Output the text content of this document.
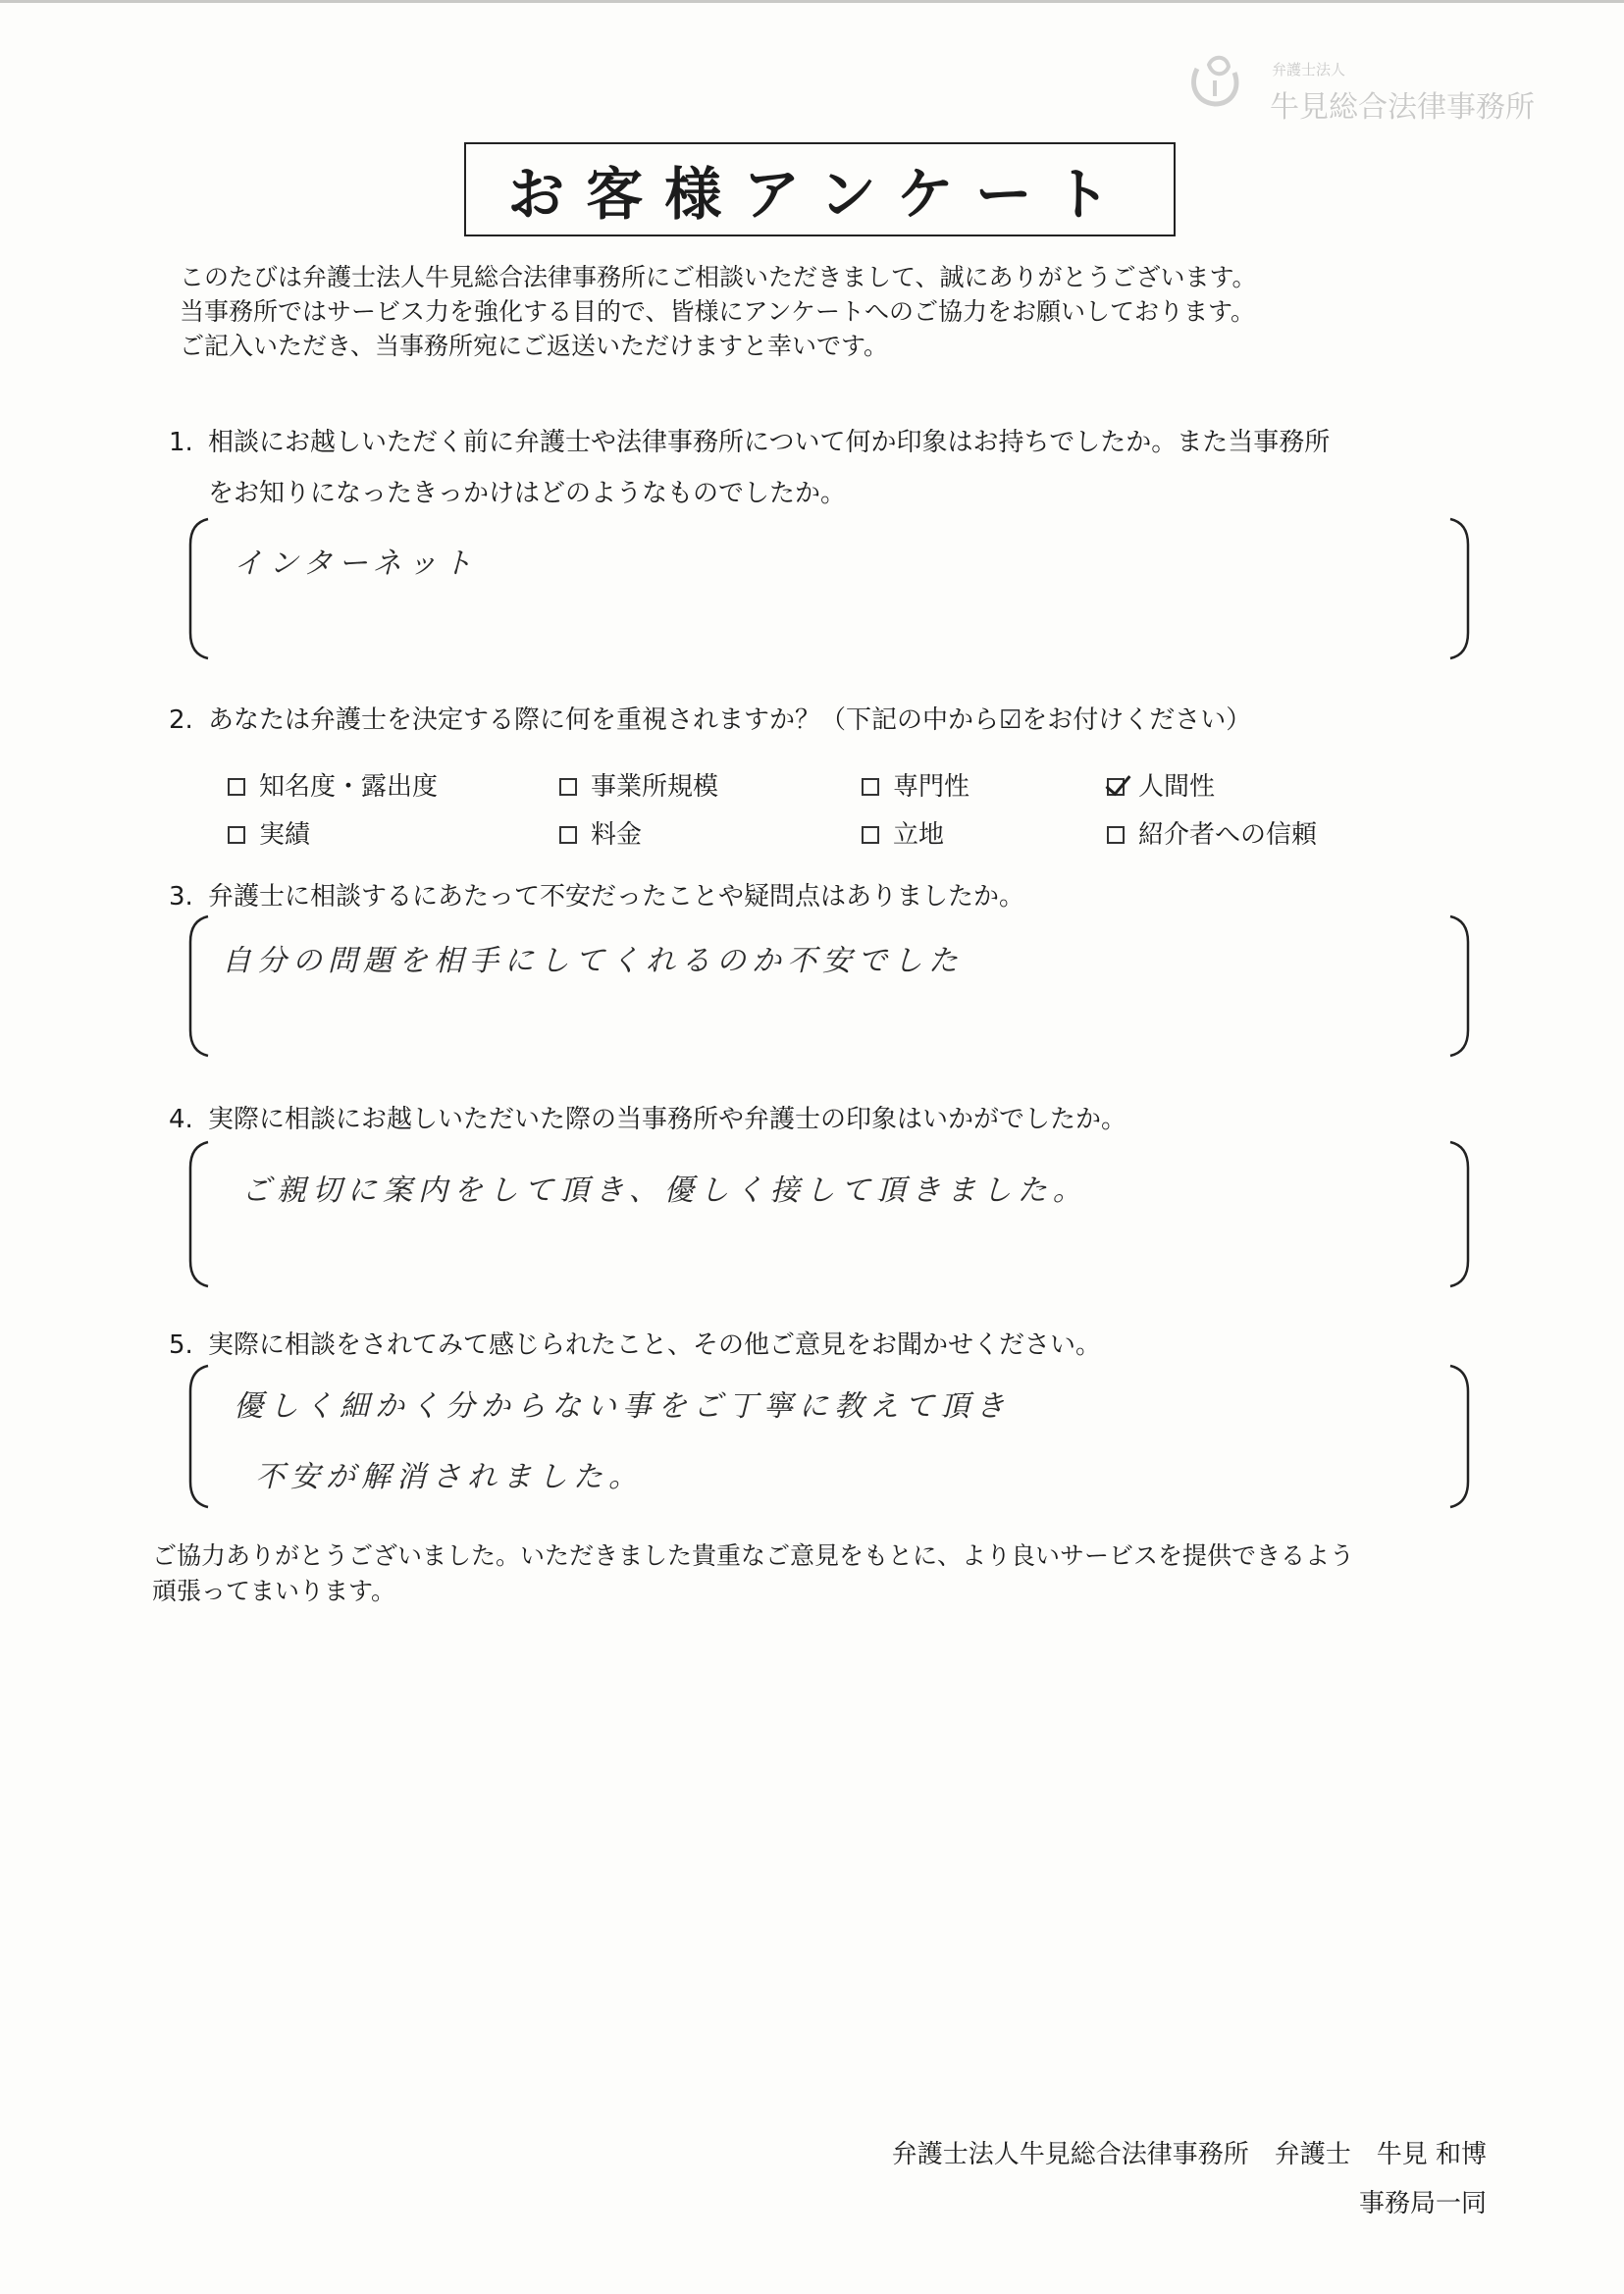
弁護士法人
牛見総合法律事務所
お客様アンケート
このたびは弁護士法人牛見総合法律事務所にご相談いただきまして、誠にありがとうございます。
当事務所ではサービス力を強化する目的で、皆様にアンケートへのご協力をお願いしております。
ご記入いただき、当事務所宛にご返送いただけますと幸いです。
1. 相談にお越しいただく前に弁護士や法律事務所について何か印象はお持ちでしたか。また当事務所
をお知りになったきっかけはどのようなものでしたか。
インターネット
2. あなたは弁護士を決定する際に何を重視されますか？（下記の中から☑をお付けください）
知名度・露出度	事業所規模	専門性	人間性
実績	料金	立地	紹介者への信頼
3. 弁護士に相談するにあたって不安だったことや疑問点はありましたか。
自分の問題を相手にしてくれるのか不安でした
4. 実際に相談にお越しいただいた際の当事務所や弁護士の印象はいかがでしたか。
ご親切に案内をして頂き、優しく接して頂きました。
5. 実際に相談をされてみて感じられたこと、その他ご意見をお聞かせください。
優しく細かく分からない事をご丁寧に教えて頂き
不安が解消されました。
ご協力ありがとうございました。いただきました貴重なご意見をもとに、より良いサービスを提供できるよう
頑張ってまいります。
弁護士法人牛見総合法律事務所　弁護士　牛見 和博
事務局一同
